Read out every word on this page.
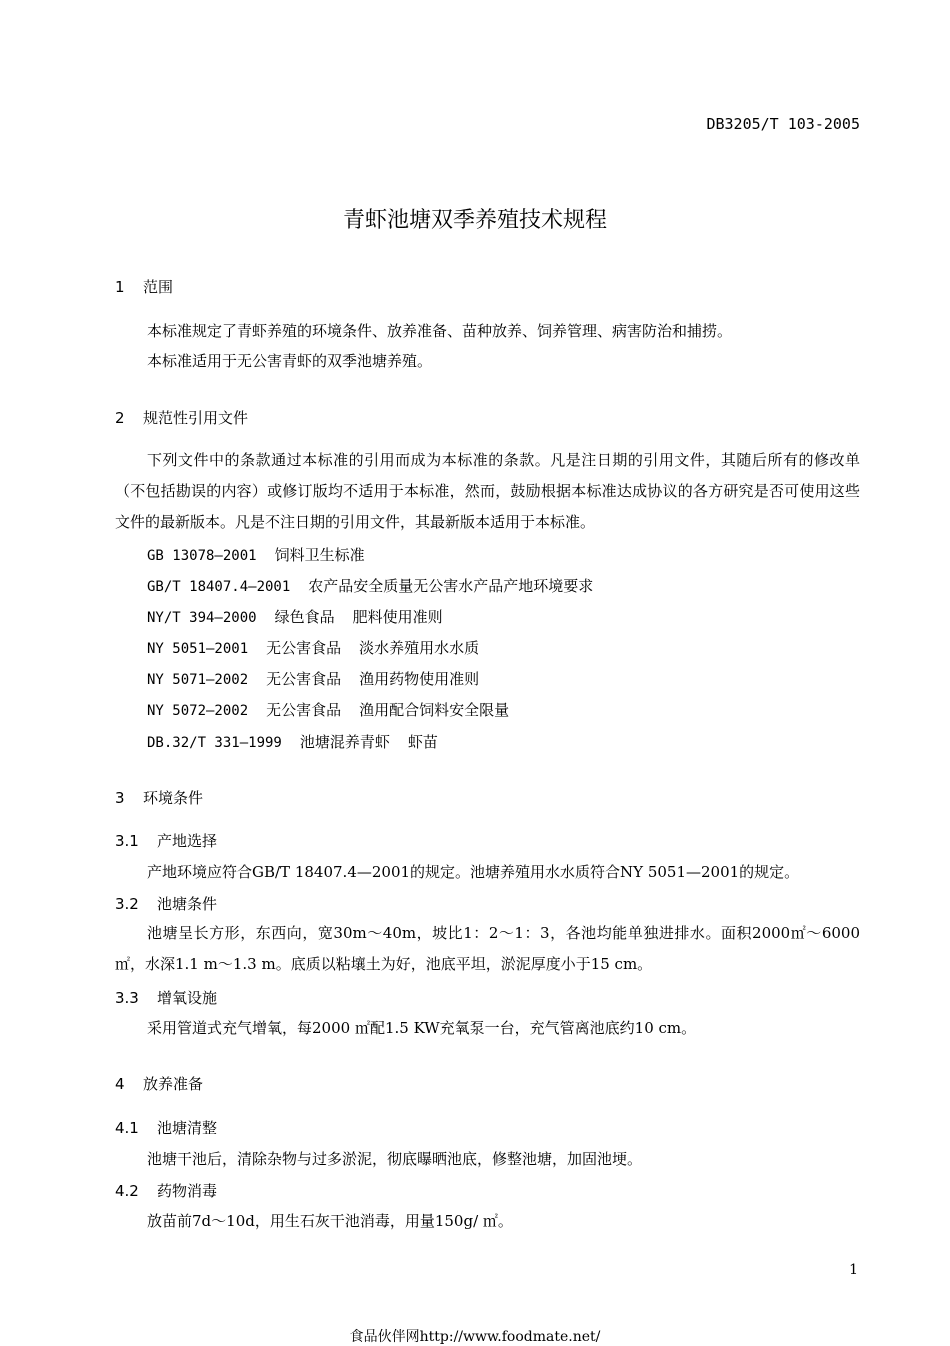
DB3205/T 103-2005
青虾池塘双季养殖技术规程
1 范围
本标准规定了青虾养殖的环境条件、放养准备、苗种放养、饲养管理、病害防治和捕捞。
本标准适用于无公害青虾的双季池塘养殖。
2 规范性引用文件
下列文件中的条款通过本标准的引用而成为本标准的条款。凡是注日期的引用文件，其随后所有的修改单（不包括勘误的内容）或修订版均不适用于本标准，然而，鼓励根据本标准达成协议的各方研究是否可使用这些文件的最新版本。凡是不注日期的引用文件，其最新版本适用于本标准。
GB 13078—2001 饲料卫生标准
GB/T 18407.4—2001 农产品安全质量无公害水产品产地环境要求
NY/T 394—2000 绿色食品 肥料使用准则
NY 5051—2001 无公害食品 淡水养殖用水水质
NY 5071—2002 无公害食品 渔用药物使用准则
NY 5072—2002 无公害食品 渔用配合饲料安全限量
DB.32/T 331—1999 池塘混养青虾 虾苗
3 环境条件
3.1 产地选择
产地环境应符合GB/T 18407.4—2001的规定。池塘养殖用水水质符合NY 5051—2001的规定。
3.2 池塘条件
池塘呈长方形，东西向，宽30m～40m，坡比1：2～1：3，各池均能单独进排水。面积2000㎡～6000㎡，水深1.1 m～1.3 m。底质以粘壤土为好，池底平坦，淤泥厚度小于15 cm。
3.3 增氧设施
采用管道式充气增氧，每2000 ㎡配1.5 KW充氧泵一台，充气管离池底约10 cm。
4 放养准备
4.1 池塘清整
池塘干池后，清除杂物与过多淤泥，彻底曝晒池底，修整池塘，加固池埂。
4.2 药物消毒
放苗前7d～10d，用生石灰干池消毒，用量150g/ ㎡。
1
食品伙伴网http://www.foodmate.net/
